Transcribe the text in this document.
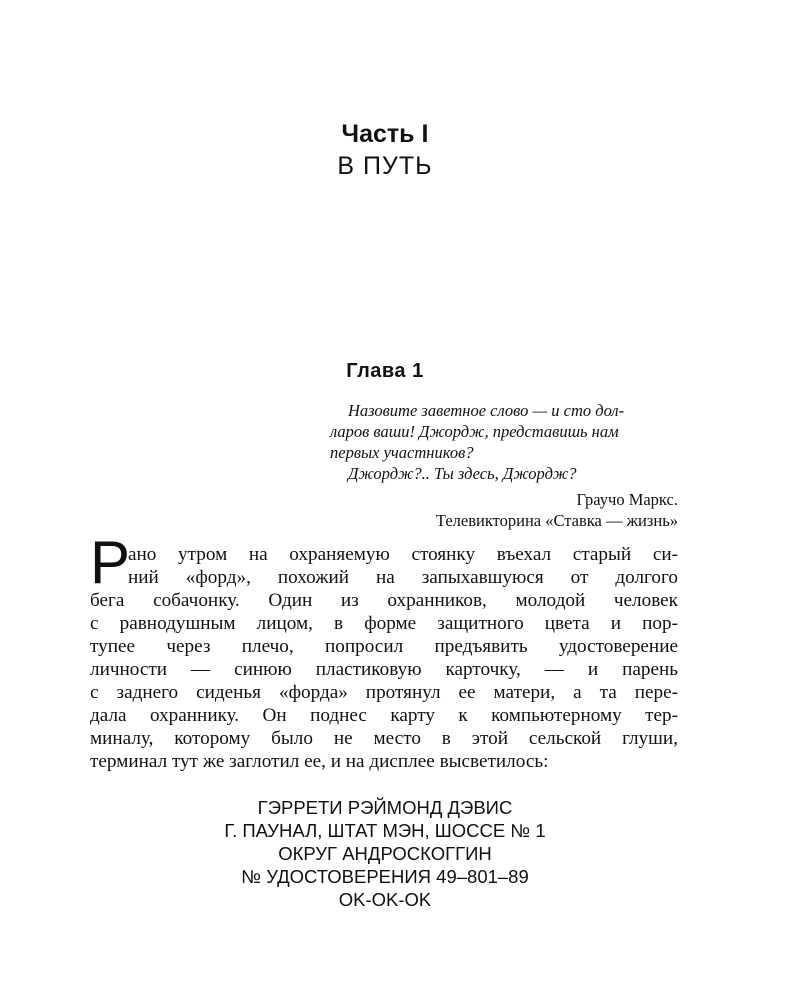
Часть I
В ПУТЬ
Глава 1

Назовите заветное слово — и сто дол-

ларов ваши! Джордж, представишь нам

первых участников?

Джордж?.. Ты здесь, Джордж?

Граучо Маркс.
Телевикторина «Ставка — жизнь»
Р
ано утром на охраняемую стоянку въехал старый си-
ний «форд», похожий на запыхавшуюся от долгого
бега собачонку. Один из охранников, молодой человек
с равнодушным лицом, в форме защитного цвета и пор-
тупее через плечо, попросил предъявить удостоверение
личности — синюю пластиковую карточку, — и парень
с заднего сиденья «форда» протянул ее матери, а та пере-
дала охраннику. Он поднес карту к компьютерному тер-
миналу, которому было не место в этой сельской глуши,
терминал тут же заглотил ее, и на дисплее высветилось:
ГЭРРЕТИ РЭЙМОНД ДЭВИС
Г. ПАУНАЛ, ШТАТ МЭН, ШОССЕ № 1
ОКРУГ АНДРОСКОГГИН
№ УДОСТОВЕРЕНИЯ 49–801–89
OK-OK-OK
